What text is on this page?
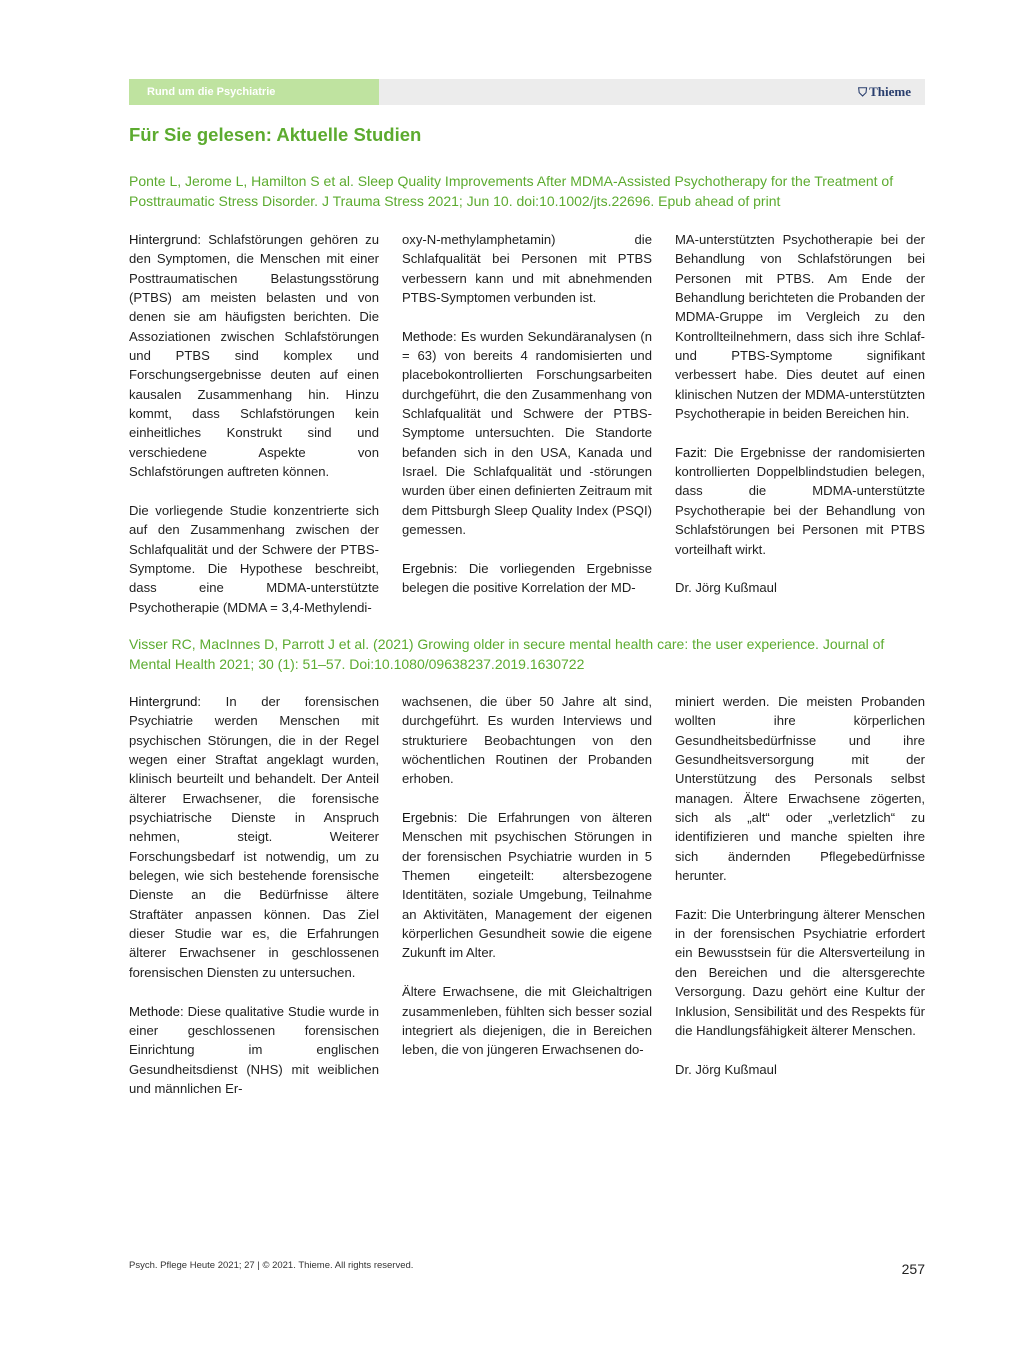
Rund um die Psychiatrie	⛉ Thieme
Für Sie gelesen: Aktuelle Studien

Ponte L, Jerome L, Hamilton S et al. Sleep Quality Improvements After MDMA-Assisted Psychotherapy for the Treatment of Posttraumatic Stress Disorder. J Trauma Stress 2021; Jun 10. doi:10.1002/jts.22696. Epub ahead of print

Hintergrund: Schlafstörungen gehören zu den Symptomen, die Menschen mit einer Posttraumatischen Belastungsstörung (PTBS) am meisten belasten und von denen sie am häufigsten berichten. Die Assoziationen zwischen Schlafstörungen und PTBS sind komplex und Forschungsergebnisse deuten auf einen kausalen Zusammenhang hin. Hinzu kommt, dass Schlafstörungen kein einheitliches Konstrukt sind und verschiedene Aspekte von Schlafstörungen auftreten können.

Die vorliegende Studie konzentrierte sich auf den Zusammenhang zwischen der Schlafqualität und der Schwere der PTBS-Symptome. Die Hypothese beschreibt, dass eine MDMA-unterstützte Psychotherapie (MDMA = 3,4-Methylendi-

oxy-N-methylamphetamin) die Schlafqualität bei Personen mit PTBS verbessern kann und mit abnehmenden PTBS-Symptomen verbunden ist.

Methode: Es wurden Sekundäranalysen (n = 63) von bereits 4 randomisierten und placebokontrollierten Forschungsarbeiten durchgeführt, die den Zusammenhang von Schlafqualität und Schwere der PTBS-Symptome untersuchten. Die Standorte befanden sich in den USA, Kanada und Israel. Die Schlafqualität und -störungen wurden über einen definierten Zeitraum mit dem Pittsburgh Sleep Quality Index (PSQI) gemessen.

Ergebnis: Die vorliegenden Ergebnisse belegen die positive Korrelation der MD-

MA-unterstützten Psychotherapie bei der Behandlung von Schlafstörungen bei Personen mit PTBS. Am Ende der Behandlung berichteten die Probanden der MDMA-Gruppe im Vergleich zu den Kontrollteilnehmern, dass sich ihre Schlaf- und PTBS-Symptome signifikant verbessert habe. Dies deutet auf einen klinischen Nutzen der MDMA-unterstützten Psychotherapie in beiden Bereichen hin.

Fazit: Die Ergebnisse der randomisierten kontrollierten Doppelblindstudien belegen, dass die MDMA-unterstützte Psychotherapie bei der Behandlung von Schlafstörungen bei Personen mit PTBS vorteilhaft wirkt.

Dr. Jörg Kußmaul

Visser RC, MacInnes D, Parrott J et al. (2021) Growing older in secure mental health care: the user experience. Journal of Mental Health 2021; 30 (1): 51–57. Doi:10.1080/09638237.2019.1630722

Hintergrund: In der forensischen Psychiatrie werden Menschen mit psychischen Störungen, die in der Regel wegen einer Straftat angeklagt wurden, klinisch beurteilt und behandelt. Der Anteil älterer Erwachsener, die forensische psychiatrische Dienste in Anspruch nehmen, steigt. Weiterer Forschungsbedarf ist notwendig, um zu belegen, wie sich bestehende forensische Dienste an die Bedürfnisse ältere Straftäter anpassen können. Das Ziel dieser Studie war es, die Erfahrungen älterer Erwachsener in geschlossenen forensischen Diensten zu untersuchen.

Methode: Diese qualitative Studie wurde in einer geschlossenen forensischen Einrichtung im englischen Gesundheitsdienst (NHS) mit weiblichen und männlichen Er-

wachsenen, die über 50 Jahre alt sind, durchgeführt. Es wurden Interviews und strukturiere Beobachtungen von den wöchentlichen Routinen der Probanden erhoben.

Ergebnis: Die Erfahrungen von älteren Menschen mit psychischen Störungen in der forensischen Psychiatrie wurden in 5 Themen eingeteilt: altersbezogene Identitäten, soziale Umgebung, Teilnahme an Aktivitäten, Management der eigenen körperlichen Gesundheit sowie die eigene Zukunft im Alter.

Ältere Erwachsene, die mit Gleichaltrigen zusammenleben, fühlten sich besser sozial integriert als diejenigen, die in Bereichen leben, die von jüngeren Erwachsenen do-

miniert werden. Die meisten Probanden wollten ihre körperlichen Gesundheitsbedürfnisse und ihre Gesundheitsversorgung mit der Unterstützung des Personals selbst managen. Ältere Erwachsene zögerten, sich als „alt“ oder „verletzlich“ zu identifizieren und manche spielten ihre sich ändernden Pflegebedürfnisse herunter.

Fazit: Die Unterbringung älterer Menschen in der forensischen Psychiatrie erfordert ein Bewusstsein für die Altersverteilung in den Bereichen und die altersgerechte Versorgung. Dazu gehört eine Kultur der Inklusion, Sensibilität und des Respekts für die Handlungsfähigkeit älterer Menschen.

Dr. Jörg Kußmaul

Psych. Pflege Heute 2021; 27 | © 2021. Thieme. All rights reserved.	257
